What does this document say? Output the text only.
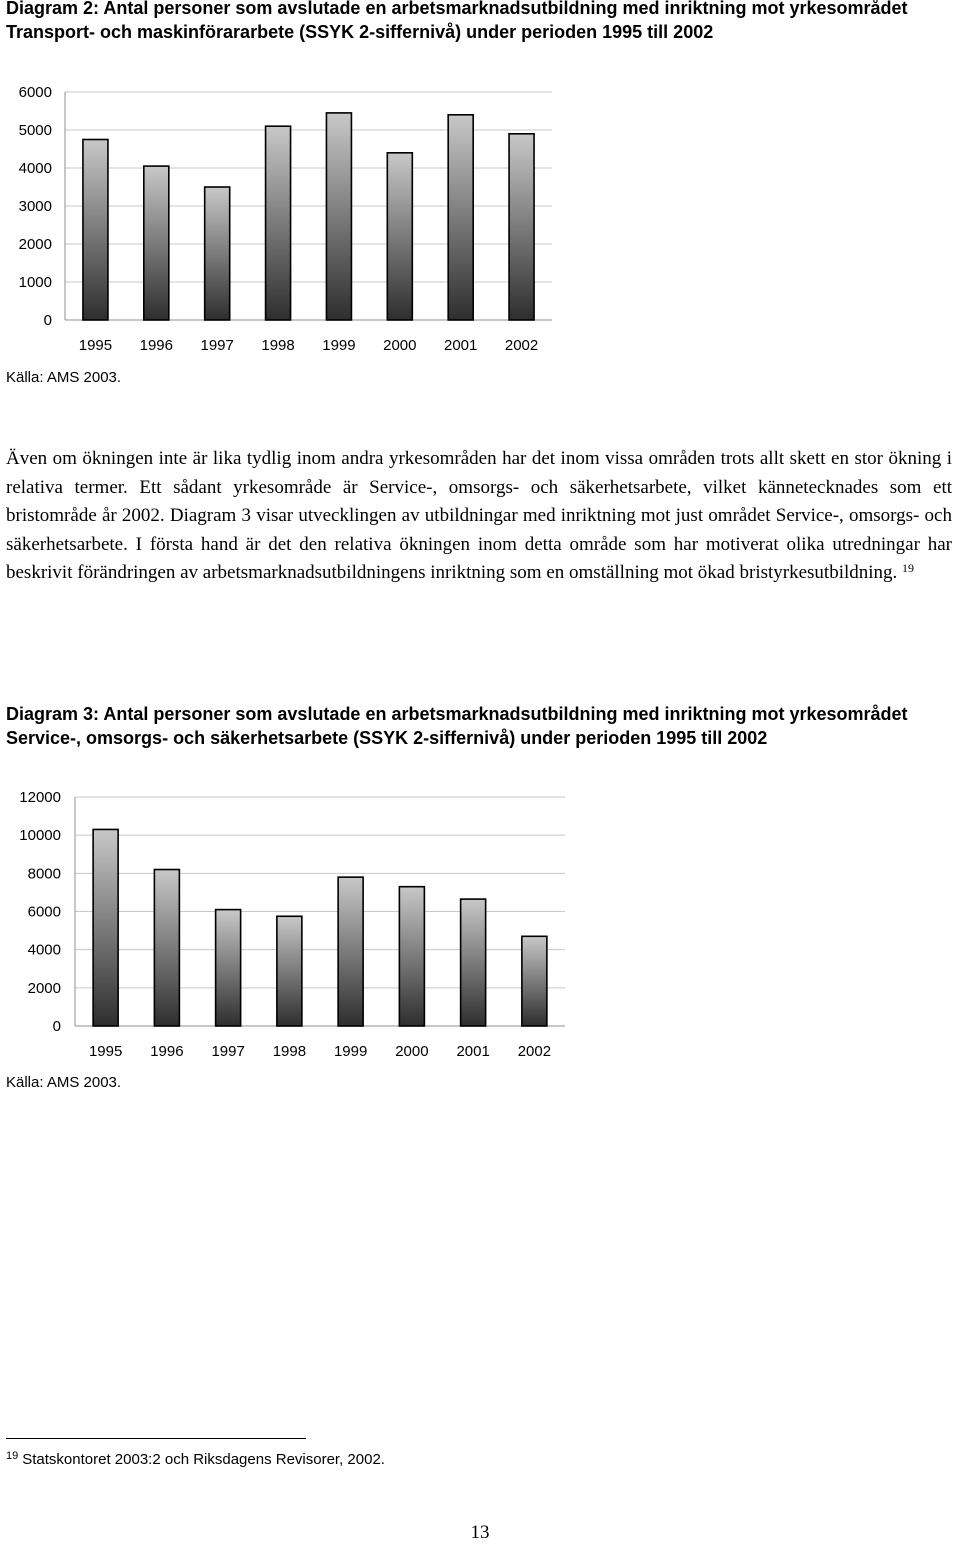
Diagram 2: Antal personer som avslutade en arbetsmarknadsutbildning med inriktning mot yrkesområdet Transport- och maskinförararbete (SSYK 2-siffernivå) under perioden 1995 till 2002
0
1000
2000
3000
4000
5000
6000
1995 1996 1997 1998 1999 2000 2001 2002
Källa: AMS 2003.

Även om ökningen inte är lika tydlig inom andra yrkesområden har det inom vissa områden trots allt skett en stor ökning i relativa termer. Ett sådant yrkesområde är Service-, omsorgs- och säkerhetsarbete, vilket kännetecknades som ett bristområde år 2002. Diagram 3 visar utvecklingen av utbildningar med inriktning mot just området Service-, omsorgs- och säkerhetsarbete. I första hand är det den relativa ökningen inom detta område som har motiverat olika utredningar har beskrivit förändringen av arbetsmarknadsutbildningens inriktning som en omställning mot ökad bristyrkesutbildning. $^{19}$

Diagram 3: Antal personer som avslutade en arbetsmarknadsutbildning med inriktning mot yrkesområdet Service-, omsorgs- och säkerhetsarbete (SSYK 2-siffernivå) under perioden 1995 till 2002
0
2000
4000
6000
8000
10000
12000
1995 1996 1997 1998 1999 2000 2001 2002
Källa: AMS 2003.
$^{19}$ Statskontoret 2003:2 och Riksdagens Revisorer, 2002.
13
